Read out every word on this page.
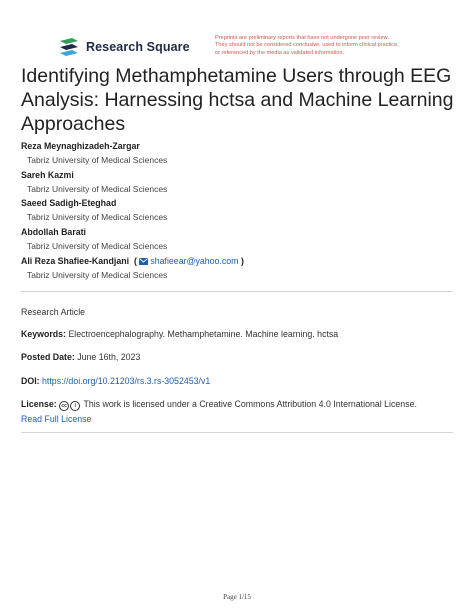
Research Square
Preprints are preliminary reports that have not undergone peer review.
They should not be considered conclusive, used to inform clinical practice,
or referenced by the media as validated information.
Identifying Methamphetamine Users through EEG
Analysis: Harnessing hctsa and Machine Learning
Approaches
Reza Meynaghizadeh-Zargar
Tabriz University of Medical Sciences
Sareh Kazmi
Tabriz University of Medical Sciences
Saeed Sadigh-Eteghad
Tabriz University of Medical Sciences
Abdollah Barati
Tabriz University of Medical Sciences
Ali Reza Shafiee-Kandjani  ( shafieear@yahoo.com )
Tabriz University of Medical Sciences
Research Article
Keywords: Electroencephalography. Methamphetamine. Machine learning. hctsa
Posted Date: June 16th, 2023
DOI: https://doi.org/10.21203/rs.3.rs-3052453/v1
License: cc i This work is licensed under a Creative Commons Attribution 4.0 International License.
Read Full License
Page 1/15
